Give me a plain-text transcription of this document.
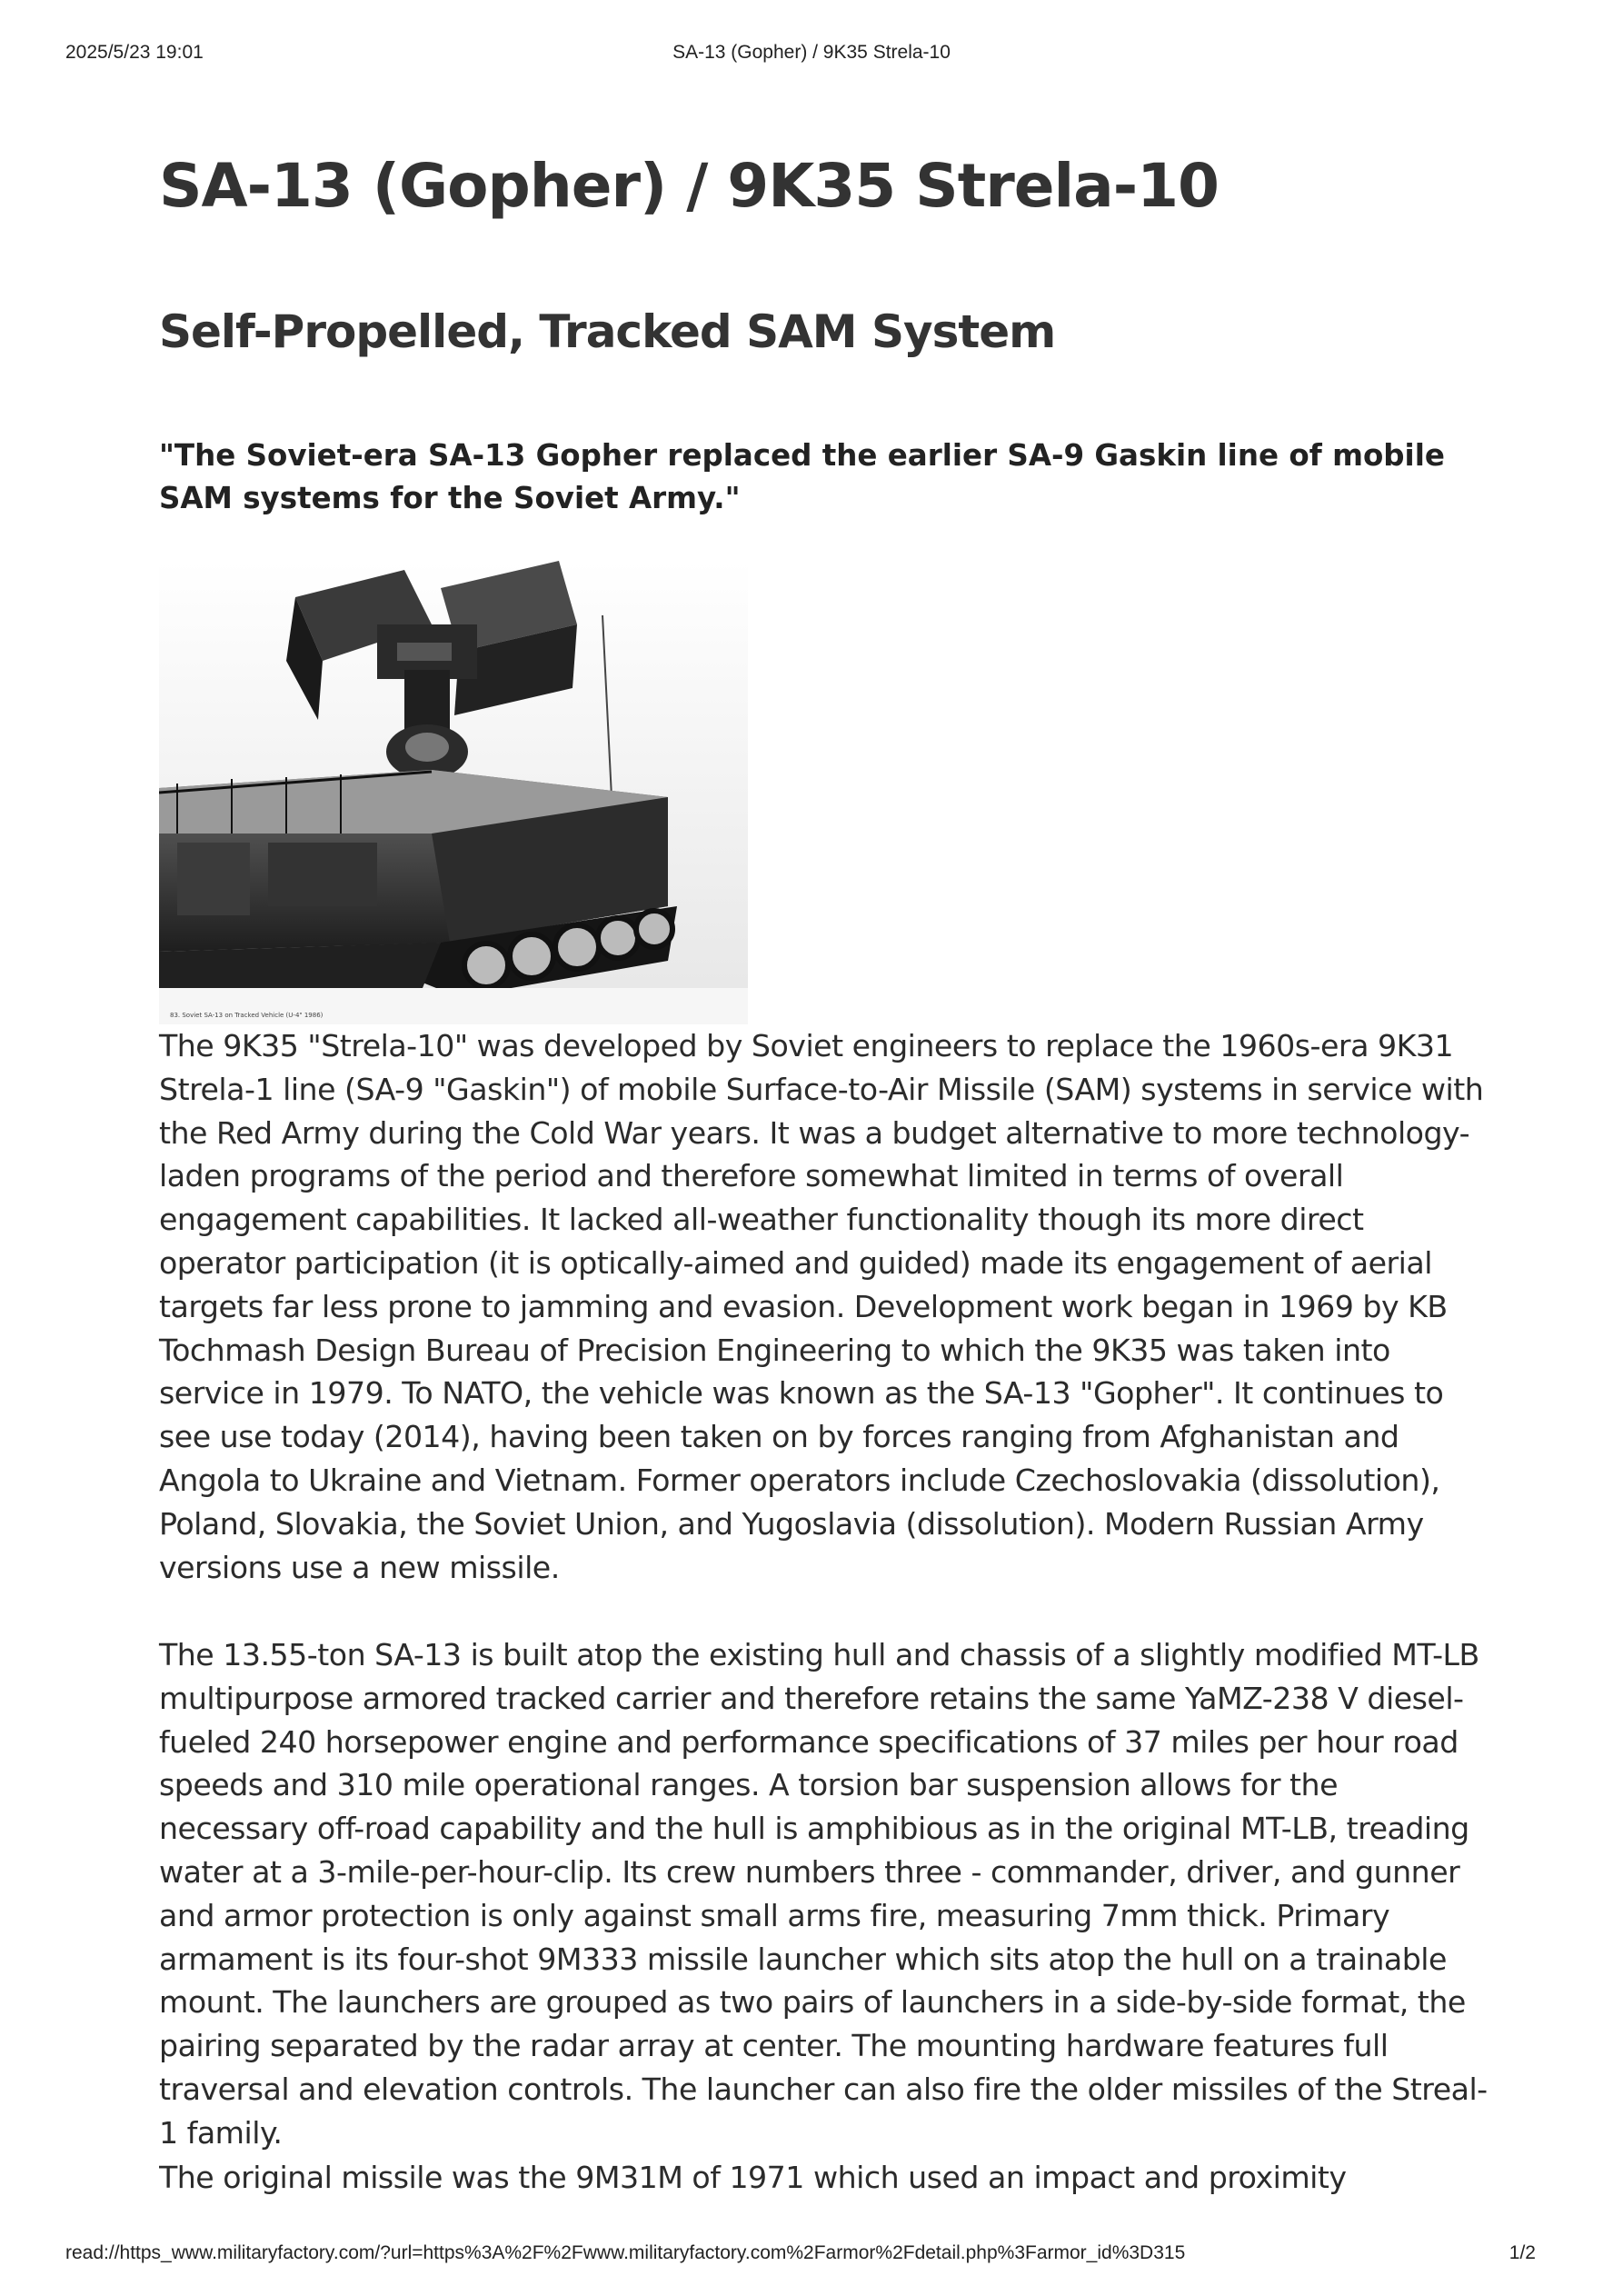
2025/5/23 19:01	SA-13 (Gopher) / 9K35 Strela-10
SA-13 (Gopher) / 9K35 Strela-10
Self-Propelled, Tracked SAM System

"The Soviet-era SA-13 Gopher replaced the earlier SA-9 Gaskin line of mobile SAM systems for the Soviet Army."

83. Soviet SA-13 on Tracked Vehicle (U-4" 1986)

The 9K35 "Strela-10" was developed by Soviet engineers to replace the 1960s-era 9K31 Strela-1 line (SA-9 "Gaskin") of mobile Surface-to-Air Missile (SAM) systems in service with the Red Army during the Cold War years. It was a budget alternative to more technology-laden programs of the period and therefore somewhat limited in terms of overall engagement capabilities. It lacked all-weather functionality though its more direct operator participation (it is optically-aimed and guided) made its engagement of aerial targets far less prone to jamming and evasion. Development work began in 1969 by KB Tochmash Design Bureau of Precision Engineering to which the 9K35 was taken into service in 1979. To NATO, the vehicle was known as the SA-13 "Gopher". It continues to see use today (2014), having been taken on by forces ranging from Afghanistan and Angola to Ukraine and Vietnam. Former operators include Czechoslovakia (dissolution), Poland, Slovakia, the Soviet Union, and Yugoslavia (dissolution). Modern Russian Army versions use a new missile.

The 13.55-ton SA-13 is built atop the existing hull and chassis of a slightly modified MT-LB multipurpose armored tracked carrier and therefore retains the same YaMZ-238 V diesel-fueled 240 horsepower engine and performance specifications of 37 miles per hour road speeds and 310 mile operational ranges. A torsion bar suspension allows for the necessary off-road capability and the hull is amphibious as in the original MT-LB, treading water at a 3-mile-per-hour-clip. Its crew numbers three - commander, driver, and gunner and armor protection is only against small arms fire, measuring 7mm thick. Primary armament is its four-shot 9M333 missile launcher which sits atop the hull on a trainable mount. The launchers are grouped as two pairs of launchers in a side-by-side format, the pairing separated by the radar array at center. The mounting hardware features full traversal and elevation controls. The launcher can also fire the older missiles of the Streal-1 family.

The original missile was the 9M31M of 1971 which used an impact and proximity

read://https_www.militaryfactory.com/?url=https%3A%2F%2Fwww.militaryfactory.com%2Farmor%2Fdetail.php%3Farmor_id%3D315	1/2
